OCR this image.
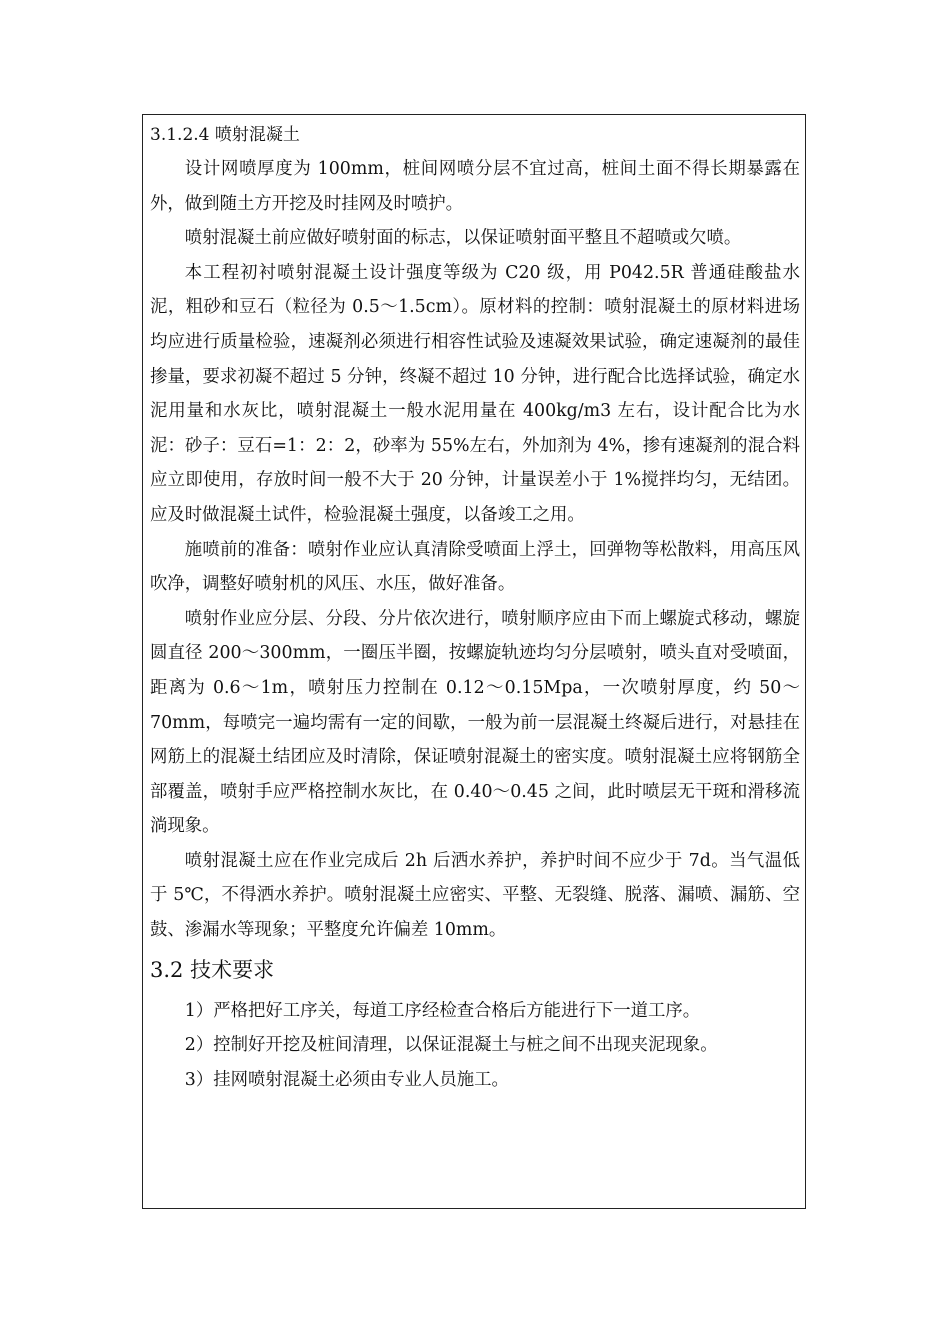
3.1.2.4 喷射混凝土

设计网喷厚度为 100mm，桩间网喷分层不宜过高，桩间土面不得长期暴露在外，做到随土方开挖及时挂网及时喷护。

喷射混凝土前应做好喷射面的标志，以保证喷射面平整且不超喷或欠喷。

本工程初衬喷射混凝土设计强度等级为 C20 级，用 P042.5R 普通硅酸盐水泥，粗砂和豆石（粒径为 0.5～1.5cm）。原材料的控制：喷射混凝土的原材料进场均应进行质量检验，速凝剂必须进行相容性试验及速凝效果试验，确定速凝剂的最佳掺量，要求初凝不超过 5 分钟，终凝不超过 10 分钟，进行配合比选择试验，确定水泥用量和水灰比，喷射混凝土一般水泥用量在 400kg/m3 左右，设计配合比为水泥：砂子：豆石=1：2：2，砂率为 55%左右，外加剂为 4%，掺有速凝剂的混合料应立即使用，存放时间一般不大于 20 分钟，计量误差小于 1%搅拌均匀，无结团。应及时做混凝土试件，检验混凝土强度，以备竣工之用。

施喷前的准备：喷射作业应认真清除受喷面上浮土，回弹物等松散料，用高压风吹净，调整好喷射机的风压、水压，做好准备。

喷射作业应分层、分段、分片依次进行，喷射顺序应由下而上螺旋式移动，螺旋圆直径 200～300mm，一圈压半圈，按螺旋轨迹均匀分层喷射，喷头直对受喷面，距离为 0.6～1m，喷射压力控制在 0.12～0.15Mpa，一次喷射厚度，约 50～70mm，每喷完一遍均需有一定的间歇，一般为前一层混凝土终凝后进行，对悬挂在网筋上的混凝土结团应及时清除，保证喷射混凝土的密实度。喷射混凝土应将钢筋全部覆盖，喷射手应严格控制水灰比，在 0.40～0.45 之间，此时喷层无干斑和滑移流淌现象。

喷射混凝土应在作业完成后 2h 后洒水养护，养护时间不应少于 7d。当气温低于 5℃，不得洒水养护。喷射混凝土应密实、平整、无裂缝、脱落、漏喷、漏筋、空鼓、渗漏水等现象；平整度允许偏差 10mm。

3.2 技术要求

1）严格把好工序关，每道工序经检查合格后方能进行下一道工序。

2）控制好开挖及桩间清理，以保证混凝土与桩之间不出现夹泥现象。

3）挂网喷射混凝土必须由专业人员施工。
